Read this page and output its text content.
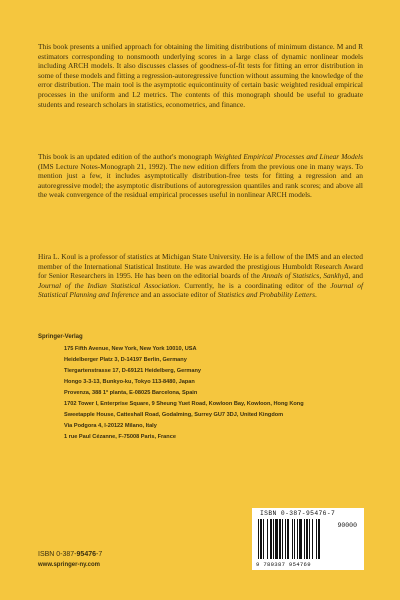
This book presents a unified approach for obtaining the limiting distributions of minimum distance. M and R estimators corresponding to nonsmooth underlying scores in a large class of dynamic nonlinear models including ARCH models. It also discusses classes of goodness-of-fit tests for fitting an error distribution in some of these models and fitting a regression-autoregressive function without assuming the knowledge of the error distribution. The main tool is the asymptotic equicontinuity of certain basic weighted residual empirical processes in the uniform and L2 metrics. The contents of this monograph should be useful to graduate students and research scholars in statistics, econometrics, and finance.

This book is an updated edition of the author's monograph Weighted Empirical Processes and Linear Models (IMS Lecture Notes-Monograph 21, 1992). The new edition differs from the previous one in many ways. To mention just a few, it includes asymptotically distribution-free tests for fitting a regression and an autoregressive model; the asymptotic distributions of autoregression quantiles and rank scores; and above all the weak convergence of the residual empirical processes useful in nonlinear ARCH models.

Hira L. Koul is a professor of statistics at Michigan State University. He is a fellow of the IMS and an elected member of the International Statistical Institute. He was awarded the prestigious Humboldt Research Award for Senior Researchers in 1995. He has been on the editorial boards of the Annals of Statistics, Sankhyā, and Journal of the Indian Statistical Association. Currently, he is a coordinating editor of the Journal of Statistical Planning and Inference and an associate editor of Statistics and Probability Letters.

Springer-Verlag
175 Fifth Avenue, New York, New York 10010, USA
Heidelberger Platz 3, D-14197 Berlin, Germany
Tiergartenstrasse 17, D-69121 Heidelberg, Germany
Hongo 3-3-13, Bunkyo-ku, Tokyo 113-8480, Japan
Provenza, 388 1ª planta, E-08025 Barcelona, Spain
1702 Tower I, Enterprise Square, 9 Sheung Yuet Road, Kowloon Bay, Kowloon, Hong Kong
Sweetapple House, Catteshall Road, Godalming, Surrey GU7 3DJ, United Kingdom
Via Podgora 4, I-20122 Milano, Italy
1 rue Paul Cézanne, F-75008 Paris, France
ISBN 0-387-95476-7
90000
9 780387 954769
ISBN 0-387-95476-7
www.springer-ny.com
